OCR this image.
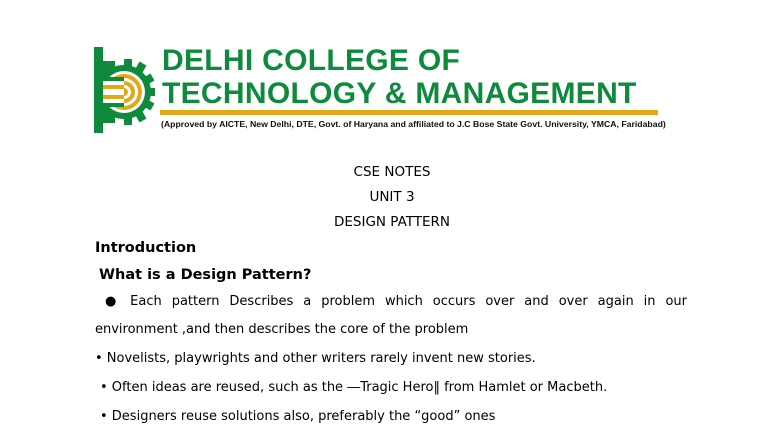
DELHI COLLEGE OF
TECHNOLOGY & MANAGEMENT
(Approved by AICTE, New Delhi, DTE, Govt. of Haryana and affiliated to J.C Bose State Govt. University, YMCA, Faridabad)
CSE NOTES
UNIT 3
DESIGN PATTERN
Introduction
What is a Design Pattern?
● Each pattern Describes a problem which occurs over and over again in our
environment ,and then describes the core of the problem
• Novelists, playwrights and other writers rarely invent new stories.
• Often ideas are reused, such as the ―Tragic Hero‖ from Hamlet or Macbeth.
• Designers reuse solutions also, preferably the “good” ones
